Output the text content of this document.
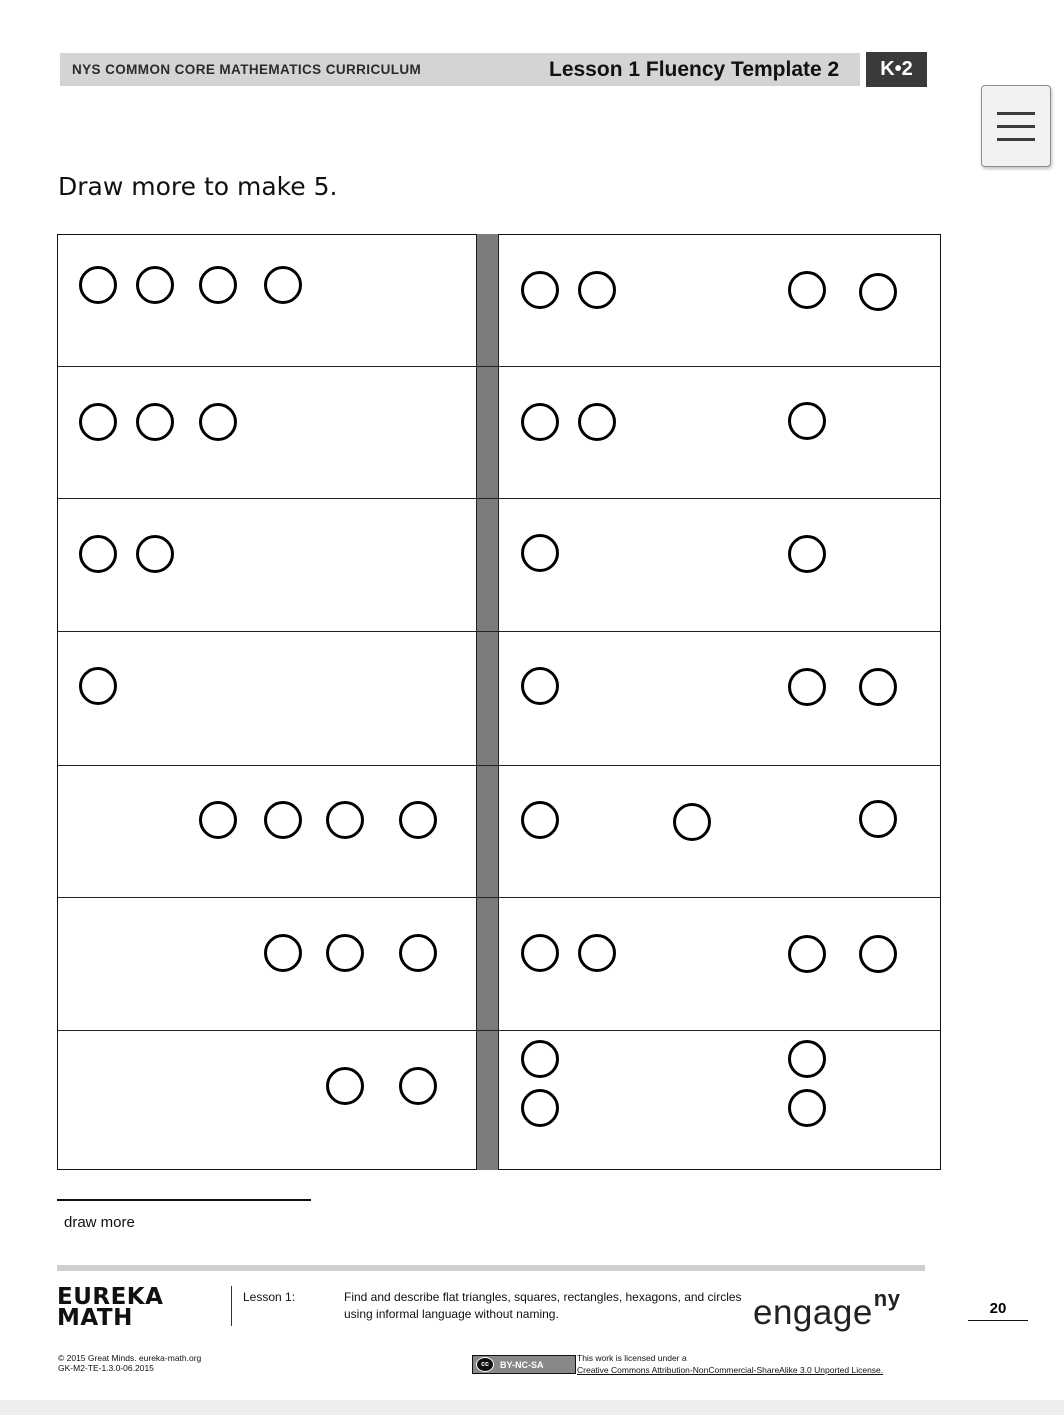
NYS COMMON CORE MATHEMATICS CURRICULUM	Lesson 1 Fluency Template 2	K•2
Draw more to make 5.
draw more
EUREKA
MATH
Lesson 1:	Find and describe flat triangles, squares, rectangles, hexagons, and circles using informal language without naming.	engage$^{ny}$	20
© 2015 Great Minds. eureka-math.org
GK-M2-TE-1.3.0-06.2015	cc	BY-NC-SA
This work is licensed under a
Creative Commons Attribution-NonCommercial-ShareAlike 3.0 Unported License.
